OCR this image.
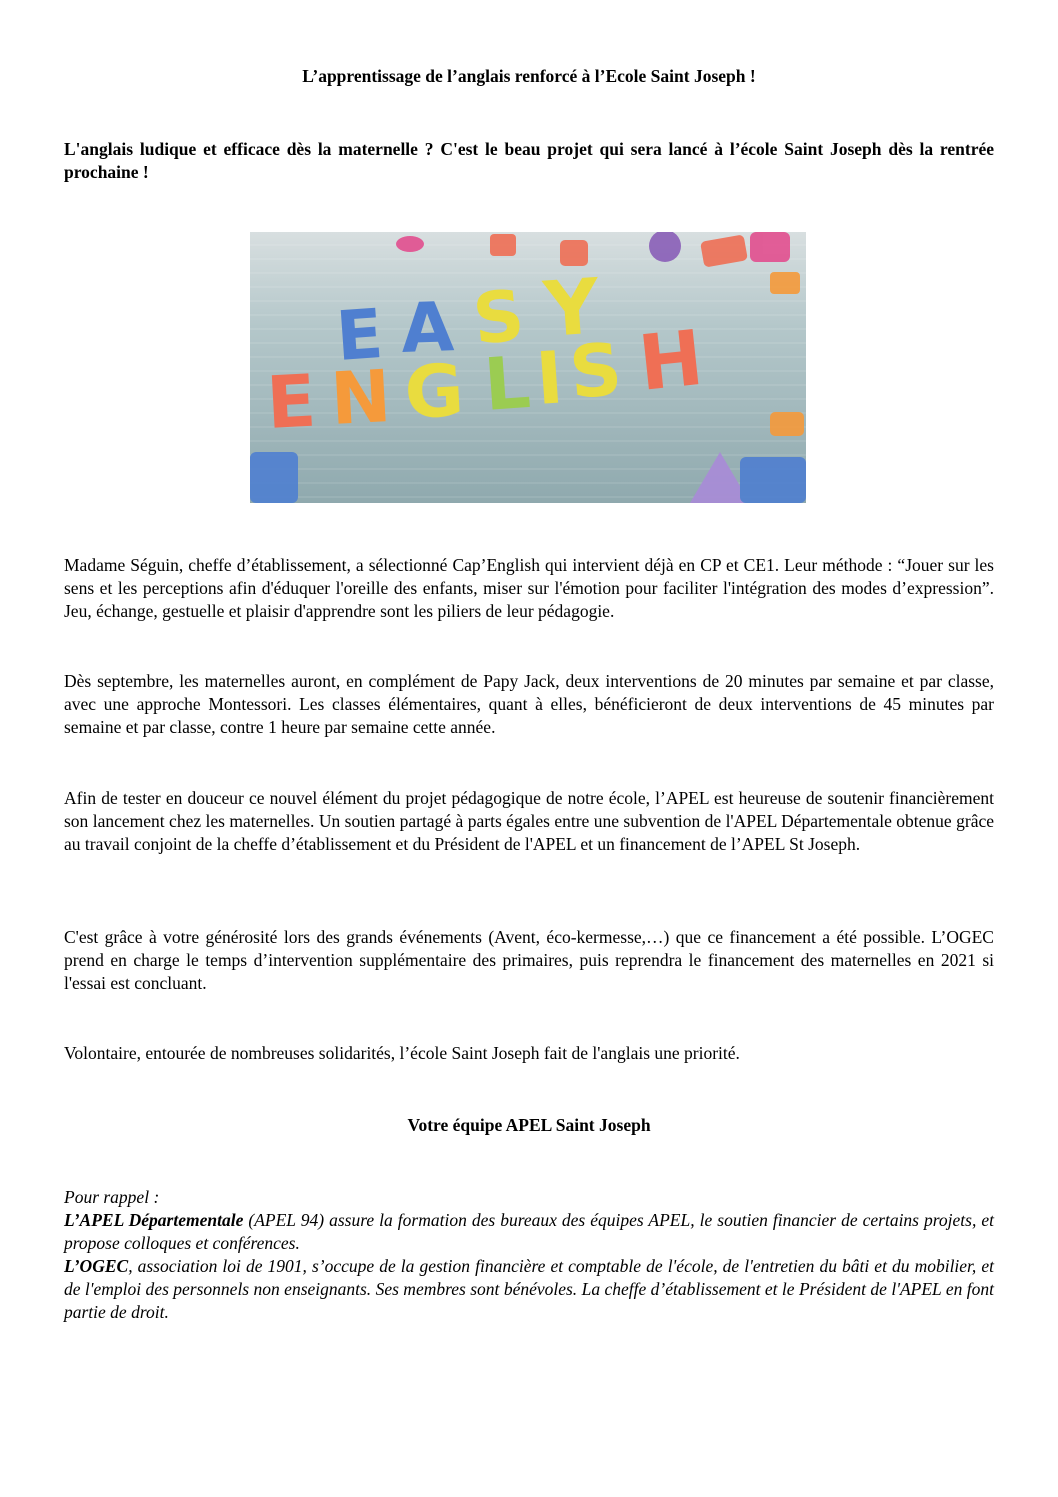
L’apprentissage de l’anglais renforcé à l’Ecole Saint Joseph !
L'anglais ludique et efficace dès la maternelle ? C'est le beau projet qui sera lancé à l’école Saint Joseph dès la rentrée prochaine !
E A S Y
E N G L I S H
Madame Séguin, cheffe d’établissement, a sélectionné Cap’English qui intervient déjà en CP et CE1. Leur méthode : “Jouer sur les sens et les perceptions afin d'éduquer l'oreille des enfants, miser sur l'émotion pour faciliter l'intégration des modes d’expression”. Jeu, échange, gestuelle et plaisir d'apprendre sont les piliers de leur pédagogie.
Dès septembre, les maternelles auront, en complément de Papy Jack, deux interventions de 20 minutes par semaine et par classe, avec une approche Montessori. Les classes élémentaires, quant à elles, bénéficieront de deux interventions de 45 minutes par semaine et par classe, contre 1 heure par semaine cette année.
Afin de tester en douceur ce nouvel élément du projet pédagogique de notre école, l’APEL est heureuse de soutenir financièrement son lancement chez les maternelles. Un soutien partagé à parts égales entre une subvention de l'APEL Départementale obtenue grâce au travail conjoint de la cheffe d’établissement et du Président de l'APEL et un financement de l’APEL St Joseph.
C'est grâce à votre générosité lors des grands événements (Avent, éco-kermesse,…) que ce financement a été possible. L’OGEC prend en charge le temps d’intervention supplémentaire des primaires, puis reprendra le financement des maternelles en 2021 si l'essai est concluant.
Volontaire, entourée de nombreuses solidarités, l’école Saint Joseph fait de l'anglais une priorité.
Votre équipe APEL Saint Joseph

Pour rappel :

L’APEL Départementale (APEL 94) assure la formation des bureaux des équipes APEL, le soutien financier de certains projets, et propose colloques et conférences.

L’OGEC, association loi de 1901, s’occupe de la gestion financière et comptable de l'école, de l'entretien du bâti et du mobilier, et de l'emploi des personnels non enseignants. Ses membres sont bénévoles. La cheffe d’établissement et le Président de l'APEL en font partie de droit.
